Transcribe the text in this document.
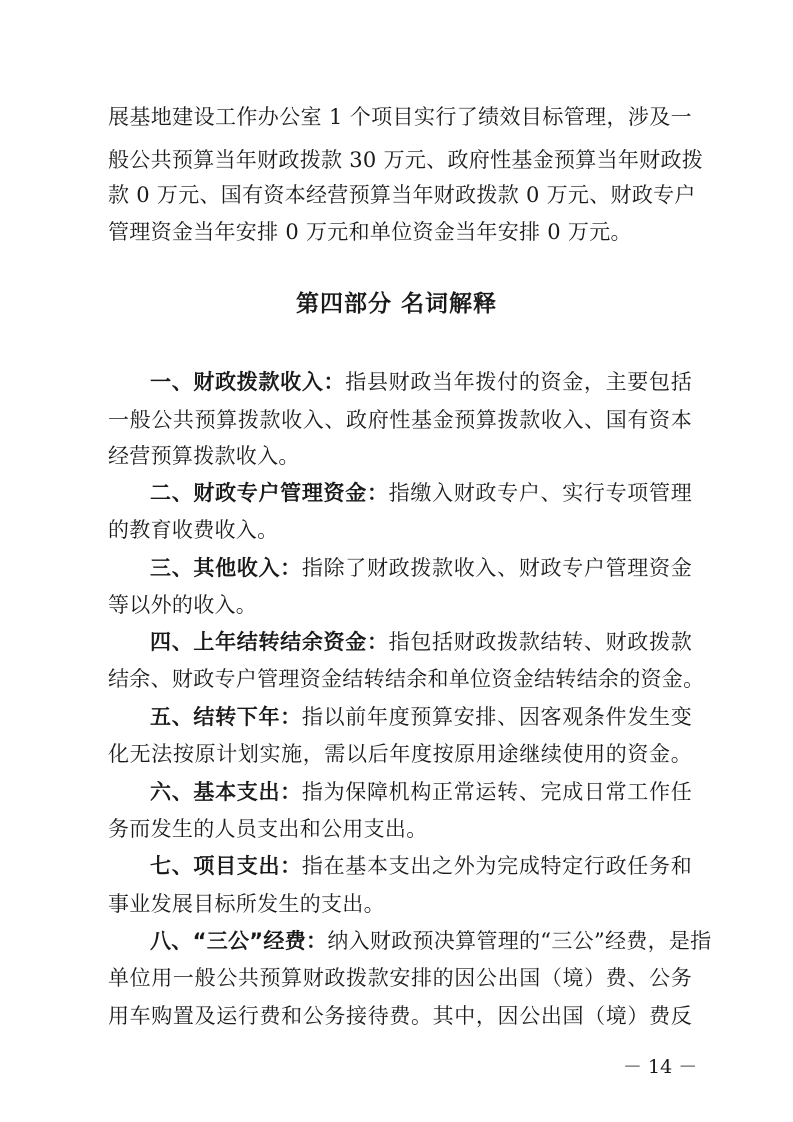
展基地建设工作办公室 1 个项目实行了绩效目标管理，涉及一
般公共预算当年财政拨款 30 万元、政府性基金预算当年财政拨
款 0 万元、国有资本经营预算当年财政拨款 0 万元、财政专户
管理资金当年安排 0 万元和单位资金当年安排 0 万元。
第四部分 名词解释
一、财政拨款收入：指县财政当年拨付的资金，主要包括
一般公共预算拨款收入、政府性基金预算拨款收入、国有资本
经营预算拨款收入。
二、财政专户管理资金：指缴入财政专户、实行专项管理
的教育收费收入。
三、其他收入：指除了财政拨款收入、财政专户管理资金
等以外的收入。
四、上年结转结余资金：指包括财政拨款结转、财政拨款
结余、财政专户管理资金结转结余和单位资金结转结余的资金。
五、结转下年：指以前年度预算安排、因客观条件发生变
化无法按原计划实施，需以后年度按原用途继续使用的资金。
六、基本支出：指为保障机构正常运转、完成日常工作任
务而发生的人员支出和公用支出。
七、项目支出：指在基本支出之外为完成特定行政任务和
事业发展目标所发生的支出。
八、“三公”经费：纳入财政预决算管理的“三公”经费，是指
单位用一般公共预算财政拨款安排的因公出国（境）费、公务
用车购置及运行费和公务接待费。其中，因公出国（境）费反
－ 14 －
